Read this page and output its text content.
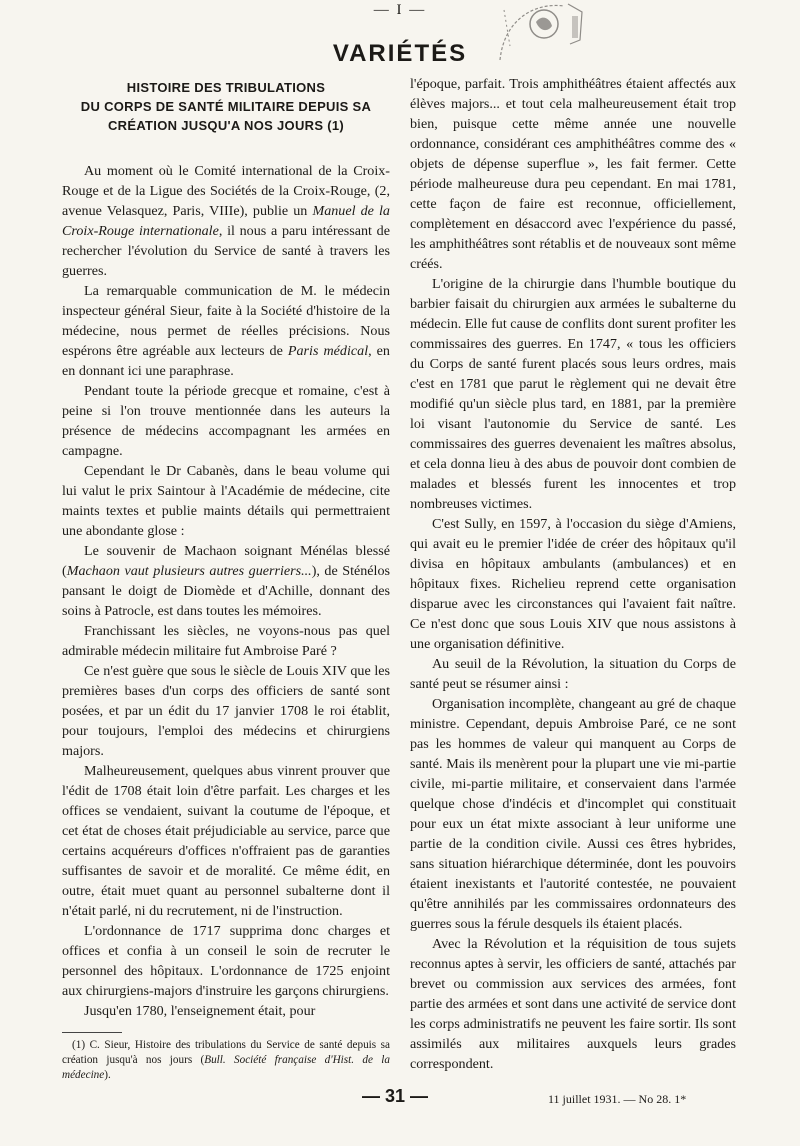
— I —
VARIÉTÉS
HISTOIRE DES TRIBULATIONS
DU CORPS DE SANTÉ MILITAIRE DEPUIS SA
CRÉATION JUSQU'A NOS JOURS (1)

Au moment où le Comité international de la Croix-Rouge et de la Ligue des Sociétés de la Croix-Rouge, (2, avenue Velasquez, Paris, VIIIe), publie un Manuel de la Croix-Rouge internationale, il nous a paru intéressant de rechercher l'évolution du Service de santé à travers les guerres.

La remarquable communication de M. le médecin inspecteur général Sieur, faite à la Société d'histoire de la médecine, nous permet de réelles précisions. Nous espérons être agréable aux lecteurs de Paris médical, en en donnant ici une paraphrase.

Pendant toute la période grecque et romaine, c'est à peine si l'on trouve mentionnée dans les auteurs la présence de médecins accompagnant les armées en campagne.

Cependant le Dr Cabanès, dans le beau volume qui lui valut le prix Saintour à l'Académie de médecine, cite maints textes et publie maints détails qui permettraient une abondante glose :

Le souvenir de Machaon soignant Ménélas blessé (Machaon vaut plusieurs autres guerriers...), de Sténélos pansant le doigt de Diomède et d'Achille, donnant des soins à Patrocle, est dans toutes les mémoires.

Franchissant les siècles, ne voyons-nous pas quel admirable médecin militaire fut Ambroise Paré ?

Ce n'est guère que sous le siècle de Louis XIV que les premières bases d'un corps des officiers de santé sont posées, et par un édit du 17 janvier 1708 le roi établit, pour toujours, l'emploi des médecins et chirurgiens majors.

Malheureusement, quelques abus vinrent prouver que l'édit de 1708 était loin d'être parfait. Les charges et les offices se vendaient, suivant la coutume de l'époque, et cet état de choses était préjudiciable au service, parce que certains acquéreurs d'offices n'offraient pas de garanties suffisantes de savoir et de moralité. Ce même édit, en outre, était muet quant au personnel subalterne dont il n'était parlé, ni du recrutement, ni de l'instruction.

L'ordonnance de 1717 supprima donc charges et offices et confia à un conseil le soin de recruter le personnel des hôpitaux. L'ordonnance de 1725 enjoint aux chirurgiens-majors d'instruire les garçons chirurgiens.

Jusqu'en 1780, l'enseignement était, pour

l'époque, parfait. Trois amphithéâtres étaient affectés aux élèves majors... et tout cela malheureusement était trop bien, puisque cette même année une nouvelle ordonnance, considérant ces amphithéâtres comme des « objets de dépense superflue », les fait fermer. Cette période malheureuse dura peu cependant. En mai 1781, cette façon de faire est reconnue, officiellement, complètement en désaccord avec l'expérience du passé, les amphithéâtres sont rétablis et de nouveaux sont même créés.

L'origine de la chirurgie dans l'humble boutique du barbier faisait du chirurgien aux armées le subalterne du médecin. Elle fut cause de conflits dont surent profiter les commissaires des guerres. En 1747, « tous les officiers du Corps de santé furent placés sous leurs ordres, mais c'est en 1781 que parut le règlement qui ne devait être modifié qu'un siècle plus tard, en 1881, par la première loi visant l'autonomie du Service de santé. Les commissaires des guerres devenaient les maîtres absolus, et cela donna lieu à des abus de pouvoir dont combien de malades et blessés furent les innocentes et trop nombreuses victimes.

C'est Sully, en 1597, à l'occasion du siège d'Amiens, qui avait eu le premier l'idée de créer des hôpitaux qu'il divisa en hôpitaux ambulants (ambulances) et en hôpitaux fixes. Richelieu reprend cette organisation disparue avec les circonstances qui l'avaient fait naître. Ce n'est donc que sous Louis XIV que nous assistons à une organisation définitive.

Au seuil de la Révolution, la situation du Corps de santé peut se résumer ainsi :

Organisation incomplète, changeant au gré de chaque ministre. Cependant, depuis Ambroise Paré, ce ne sont pas les hommes de valeur qui manquent au Corps de santé. Mais ils menèrent pour la plupart une vie mi-partie civile, mi-partie militaire, et conservaient dans l'armée quelque chose d'indécis et d'incomplet qui constituait pour eux un état mixte associant à leur uniforme une partie de la condition civile. Aussi ces êtres hybrides, sans situation hiérarchique déterminée, dont les pouvoirs étaient inexistants et l'autorité contestée, ne pouvaient qu'être annihilés par les commissaires ordonnateurs des guerres sous la férule desquels ils étaient placés.

Avec la Révolution et la réquisition de tous sujets reconnus aptes à servir, les officiers de santé, attachés par brevet ou commission aux services des armées, font partie des armées et sont dans une activité de service dont les corps administratifs ne peuvent les faire sortir. Ils sont assimilés aux militaires auxquels leurs grades correspondent.

(1) C. Sieur, Histoire des tribulations du Service de santé depuis sa création jusqu'à nos jours (Bull. Société française d'Hist. de la médecine).

— 31 —	11 juillet 1931. — No 28. 1*
